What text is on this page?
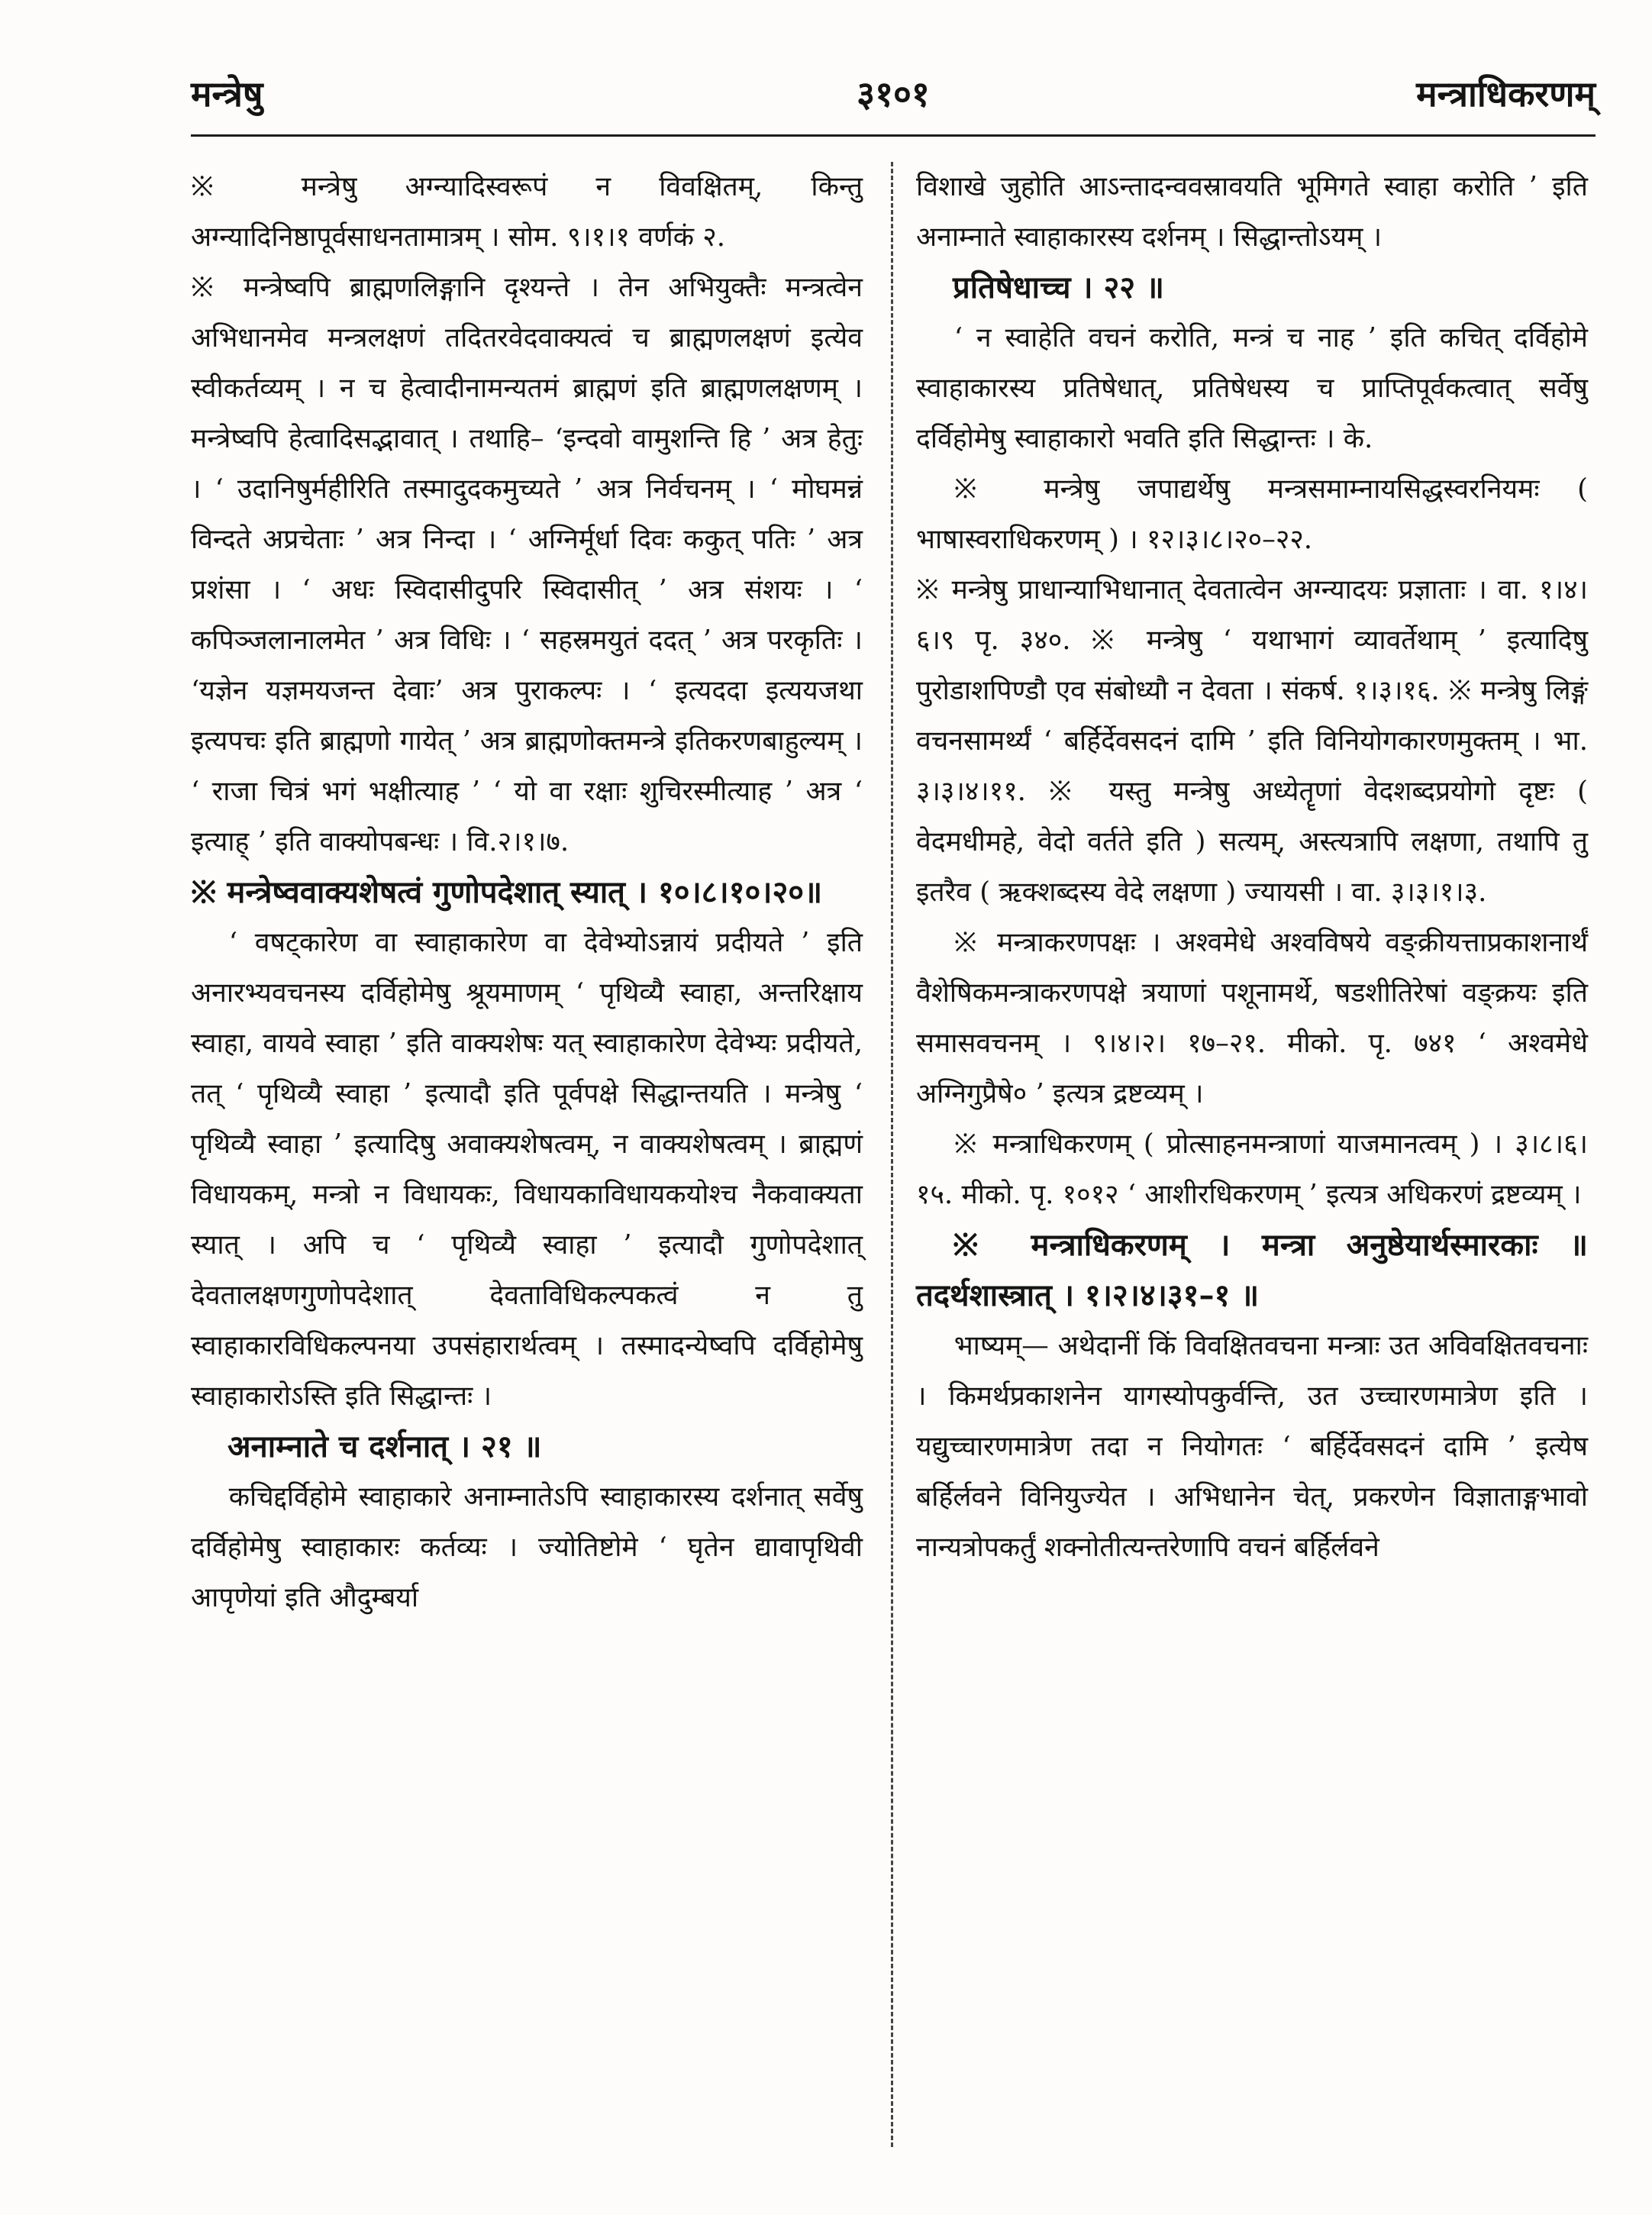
मन्त्रेषु	३१०१	मन्त्राधिकरणम्

※ मन्त्रेषु अग्न्यादिस्वरूपं न विवक्षितम्, किन्तु अग्न्यादिनिष्ठापूर्वसाधनतामात्रम् । सोम. ९।१।१ वर्णकं २.

※ मन्त्रेष्वपि ब्राह्मणलिङ्गानि दृश्यन्ते । तेन अभियुक्तैः मन्त्रत्वेन अभिधानमेव मन्त्रलक्षणं तदितरवेदवाक्यत्वं च ब्राह्मणलक्षणं इत्येव स्वीकर्तव्यम् । न च हेत्वादीनामन्यतमं ब्राह्मणं इति ब्राह्मणलक्षणम् । मन्त्रेष्वपि हेत्वादिसद्भावात् । तथाहि– ‘इन्दवो वामुशन्ति हि ’ अत्र हेतुः । ‘ उदानिषुर्महीरिति तस्मादुदकमुच्यते ’ अत्र निर्वचनम् । ‘ मोघमन्नं विन्दते अप्रचेताः ’ अत्र निन्दा । ‘ अग्निर्मूर्धा दिवः ककुत् पतिः ’ अत्र प्रशंसा । ‘ अधः स्विदासीदुपरि स्विदासीत् ’ अत्र संशयः । ‘ कपिञ्जलानालमेत ’ अत्र विधिः । ‘ सहस्रमयुतं ददत् ’ अत्र परकृतिः । ‘यज्ञेन यज्ञमयजन्त देवाः’ अत्र पुराकल्पः । ‘ इत्यददा इत्ययजथा इत्यपचः इति ब्राह्मणो गायेत् ’ अत्र ब्राह्मणोक्तमन्त्रे इतिकरणबाहुल्यम् । ‘ राजा चित्रं भगं भक्षीत्याह ’ ‘ यो वा रक्षाः शुचिरस्मीत्याह ’ अत्र ‘ इत्याह् ’ इति वाक्योपबन्धः । वि.२।१।७.

※ मन्त्रेष्ववाक्यशेषत्वं गुणोपदेशात् स्यात् । १०।८।१०।२०॥

‘ वषट्कारेण वा स्वाहाकारेण वा देवेभ्योऽन्नायं प्रदीयते ’ इति अनारभ्यवचनस्य दर्विहोमेषु श्रूयमाणम् ‘ पृथिव्यै स्वाहा, अन्तरिक्षाय स्वाहा, वायवे स्वाहा ’ इति वाक्यशेषः यत् स्वाहाकारेण देवेभ्यः प्रदीयते, तत् ‘ पृथिव्यै स्वाहा ’ इत्यादौ इति पूर्वपक्षे सिद्धान्तयति । मन्त्रेषु ‘ पृथिव्यै स्वाहा ’ इत्यादिषु अवाक्यशेषत्वम्, न वाक्यशेषत्वम् । ब्राह्मणं विधायकम्, मन्त्रो न विधायकः, विधायकाविधायकयोश्च नैकवाक्यता स्यात् । अपि च ‘ पृथिव्यै स्वाहा ’ इत्यादौ गुणोपदेशात् देवतालक्षणगुणोपदेशात् देवताविधिकल्पकत्वं न तु स्वाहाकारविधिकल्पनया उपसंहारार्थत्वम् । तस्मादन्येष्वपि दर्विहोमेषु स्वाहाकारोऽस्ति इति सिद्धान्तः ।

अनाम्नाते च दर्शनात् । २१ ॥

कचिद्दर्विहोमे स्वाहाकारे अनाम्नातेऽपि स्वाहाकारस्य दर्शनात् सर्वेषु दर्विहोमेषु स्वाहाकारः कर्तव्यः । ज्योतिष्टोमे ‘ घृतेन द्यावापृथिवी आपृणेयां इति औदुम्बर्या

विशाखे जुहोति आऽन्तादन्ववस्रावयति भूमिगते स्वाहा करोति ’ इति अनाम्नाते स्वाहाकारस्य दर्शनम् । सिद्धान्तोऽयम् ।

प्रतिषेधाच्च । २२ ॥

‘ न स्वाहेति वचनं करोति, मन्त्रं च नाह ’ इति कचित् दर्विहोमे स्वाहाकारस्य प्रतिषेधात्, प्रतिषेधस्य च प्राप्तिपूर्वकत्वात् सर्वेषु दर्विहोमेषु स्वाहाकारो भवति इति सिद्धान्तः । के.

※ मन्त्रेषु जपाद्यर्थेषु मन्त्रसमाम्नायसिद्धस्वरनियमः ( भाषास्वराधिकरणम् ) । १२।३।८।२०–२२.

※ मन्त्रेषु प्राधान्याभिधानात् देवतात्वेन अग्न्यादयः प्रज्ञाताः । वा. १।४।६।९ पृ. ३४०. ※ मन्त्रेषु ‘ यथाभागं व्यावर्तेथाम् ’ इत्यादिषु पुरोडाशपिण्डौ एव संबोध्यौ न देवता । संकर्ष. १।३।१६. ※ मन्त्रेषु लिङ्गं वचनसामर्थ्यं ‘ बर्हिर्देवसदनं दामि ’ इति विनियोगकारणमुक्तम् । भा. ३।३।४।११. ※ यस्तु मन्त्रेषु अध्येतॄणां वेदशब्दप्रयोगो दृष्टः ( वेदमधीमहे, वेदो वर्तते इति ) सत्यम्, अस्त्यत्रापि लक्षणा, तथापि तु इतरैव ( ऋक्शब्दस्य वेदे लक्षणा ) ज्यायसी । वा. ३।३।१।३.

※ मन्त्राकरणपक्षः । अश्वमेधे अश्वविषये वङ्क्रीयत्ताप्रकाशनार्थं वैशेषिकमन्त्राकरणपक्षे त्रयाणां पशूनामर्थे, षडशीतिरेषां वङ्क्रयः इति समासवचनम् । ९।४।२। १७–२१. मीको. पृ. ७४१ ‘ अश्वमेधे अग्निगुप्रैषे० ’ इत्यत्र द्रष्टव्यम् ।

※ मन्त्राधिकरणम् ( प्रोत्साहनमन्त्राणां याजमानत्वम् ) । ३।८।६।१५. मीको. पृ. १०१२ ‘ आशीरधिकरणम् ’ इत्यत्र अधिकरणं द्रष्टव्यम् ।

※ मन्त्राधिकरणम् । मन्त्रा अनुष्ठेयार्थस्मारकाः ॥ तदर्थशास्त्रात् । १।२।४।३१–१ ॥

भाष्यम्— अथेदानीं किं विवक्षितवचना मन्त्राः उत अविवक्षितवचनाः । किमर्थप्रकाशनेन यागस्योपकुर्वन्ति, उत उच्चारणमात्रेण इति । यद्युच्चारणमात्रेण तदा न नियोगतः ‘ बर्हिर्देवसदनं दामि ’ इत्येष बर्हिर्लवने विनियुज्येत । अभिधानेन चेत्, प्रकरणेन विज्ञाताङ्गभावो नान्यत्रोपकर्तुं शक्नोतीत्यन्तरेणापि वचनं बर्हिर्लवने
